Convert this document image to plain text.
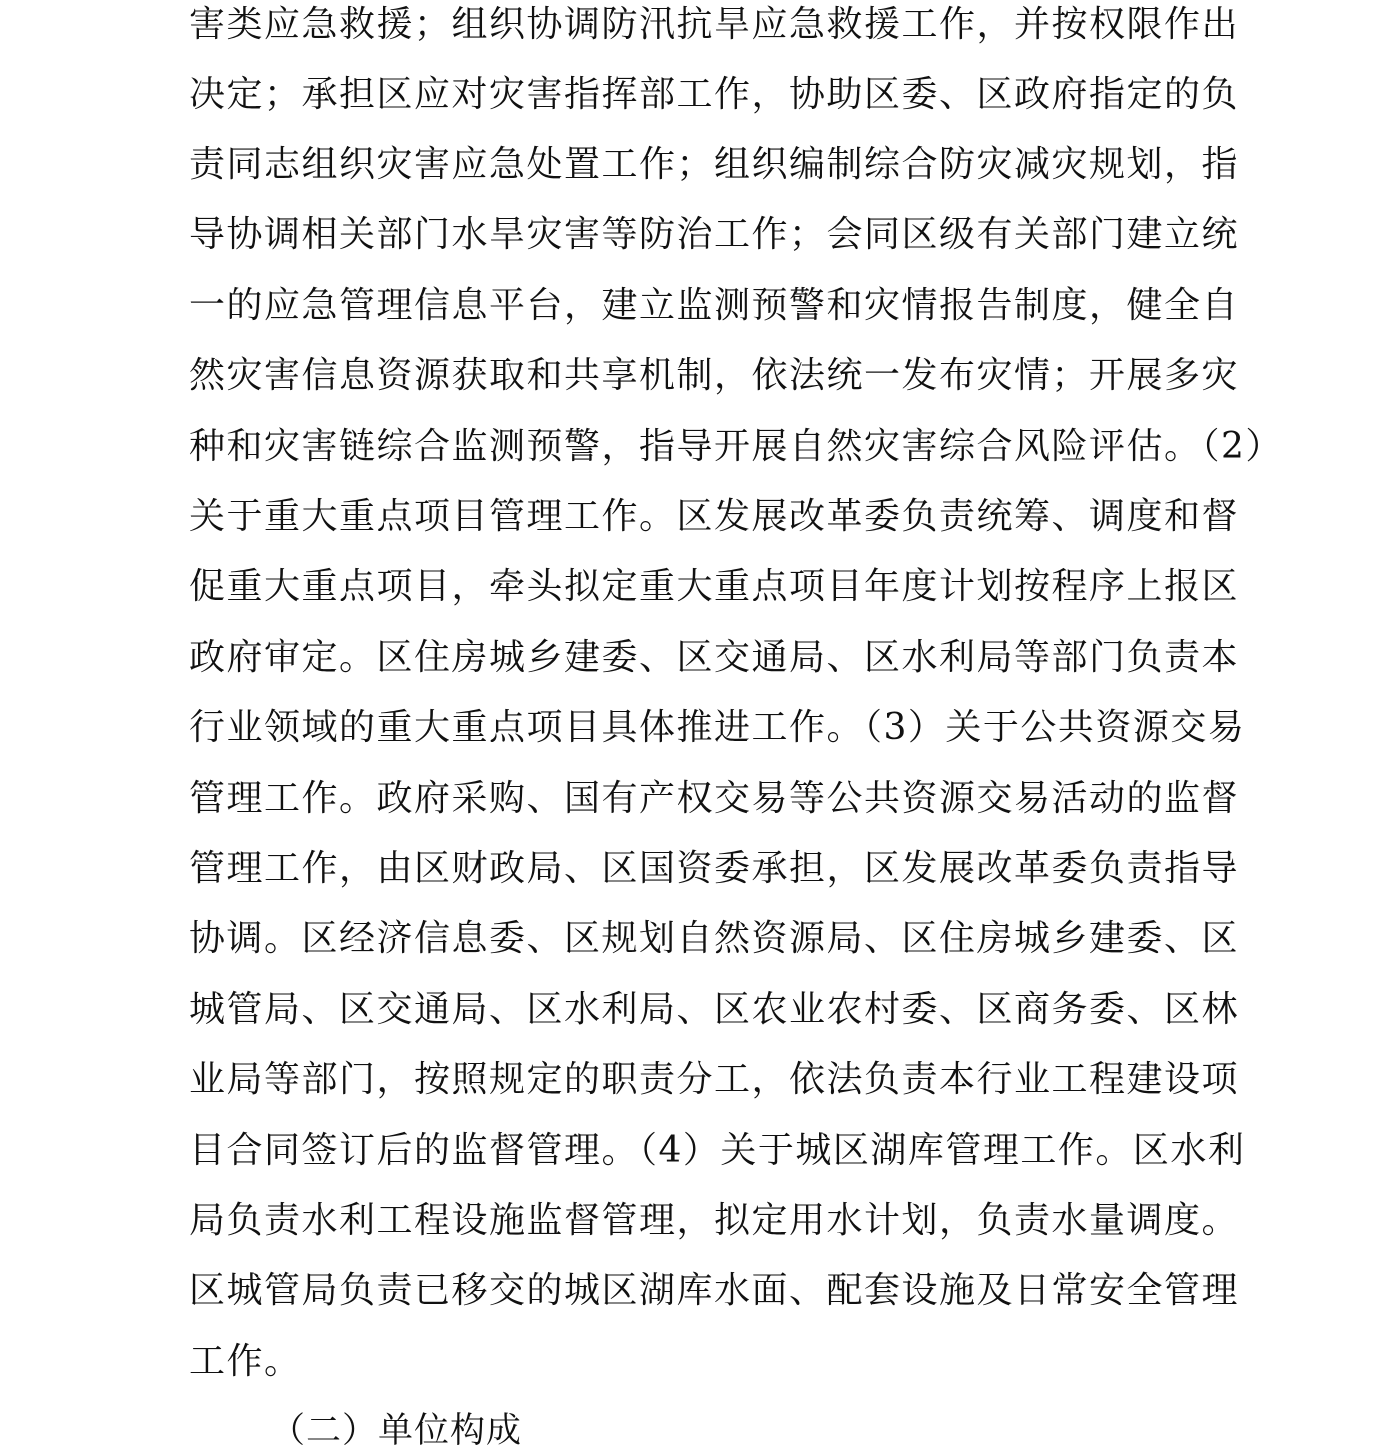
害类应急救援；组织协调防汛抗旱应急救援工作，并按权限作出
决定；承担区应对灾害指挥部工作，协助区委、区政府指定的负
责同志组织灾害应急处置工作；组织编制综合防灾减灾规划，指
导协调相关部门水旱灾害等防治工作；会同区级有关部门建立统
一的应急管理信息平台，建立监测预警和灾情报告制度，健全自
然灾害信息资源获取和共享机制，依法统一发布灾情；开展多灾
种和灾害链综合监测预警，指导开展自然灾害综合风险评估。（2）
关于重大重点项目管理工作。区发展改革委负责统筹、调度和督
促重大重点项目，牵头拟定重大重点项目年度计划按程序上报区
政府审定。区住房城乡建委、区交通局、区水利局等部门负责本
行业领域的重大重点项目具体推进工作。（3）关于公共资源交易
管理工作。政府采购、国有产权交易等公共资源交易活动的监督
管理工作，由区财政局、区国资委承担，区发展改革委负责指导
协调。区经济信息委、区规划自然资源局、区住房城乡建委、区
城管局、区交通局、区水利局、区农业农村委、区商务委、区林
业局等部门，按照规定的职责分工，依法负责本行业工程建设项
目合同签订后的监督管理。（4）关于城区湖库管理工作。区水利
局负责水利工程设施监督管理，拟定用水计划，负责水量调度。
区城管局负责已移交的城区湖库水面、配套设施及日常安全管理
工作。
（二）单位构成
